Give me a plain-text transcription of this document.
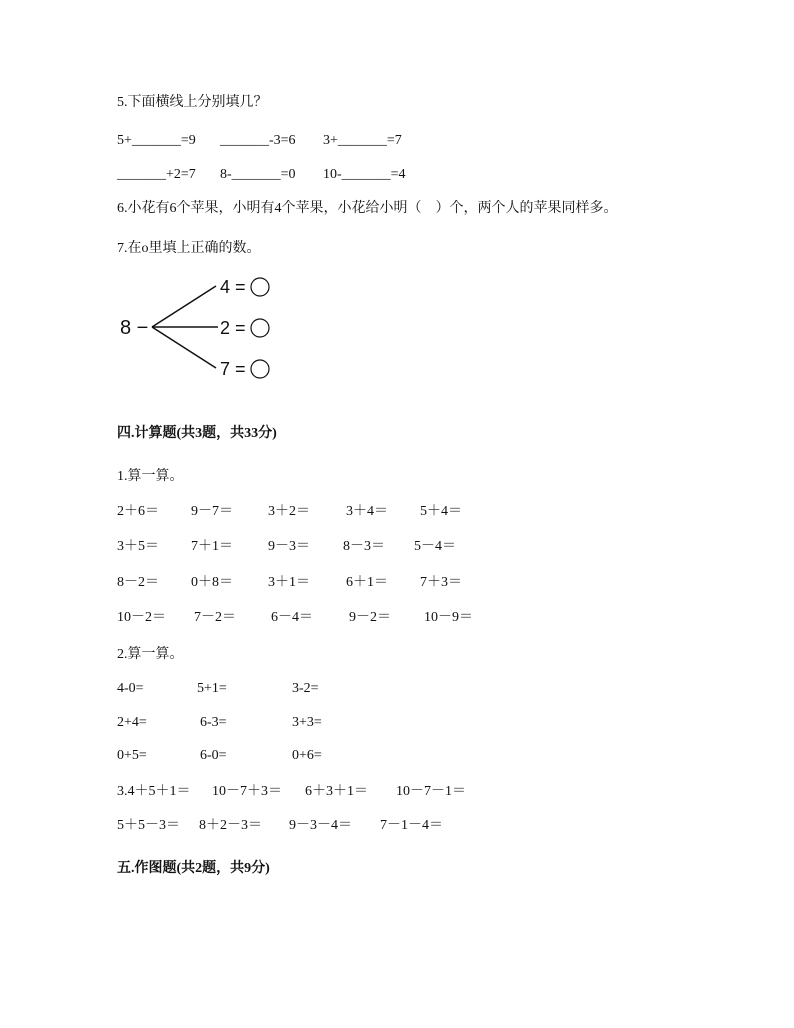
5.下面横线上分别填几？
5+_______=9 _______-3=6 3+_______=7
_______+2=7 8-_______=0 10-_______=4
6.小花有6个苹果，小明有4个苹果，小花给小明（　）个，两个人的苹果同样多。
7.在o里填上正确的数。
8 −
4 =
2 =
7 =
四.计算题(共3题，共33分)
1.算一算。
2＋6＝ 9－7＝	3＋2＝	3＋4＝ 5＋4＝
3＋5＝ 7＋1＝	9－3＝ 8－3＝ 5－4＝
8－2＝ 0＋8＝	3＋1＝	6＋1＝ 7＋3＝
10－2＝ 7－2＝	6－4＝	9－2＝ 10－9＝
2.算一算。
4-0=	5+1=	3-2=
2+4=	6-3=	3+3=
0+5=	6-0=	0+6=
3.4＋5＋1＝ 10－7＋3＝ 6＋3＋1＝ 10－7－1＝
5＋5－3＝ 8＋2－3＝ 9－3－4＝ 7－1－4＝
五.作图题(共2题，共9分)
